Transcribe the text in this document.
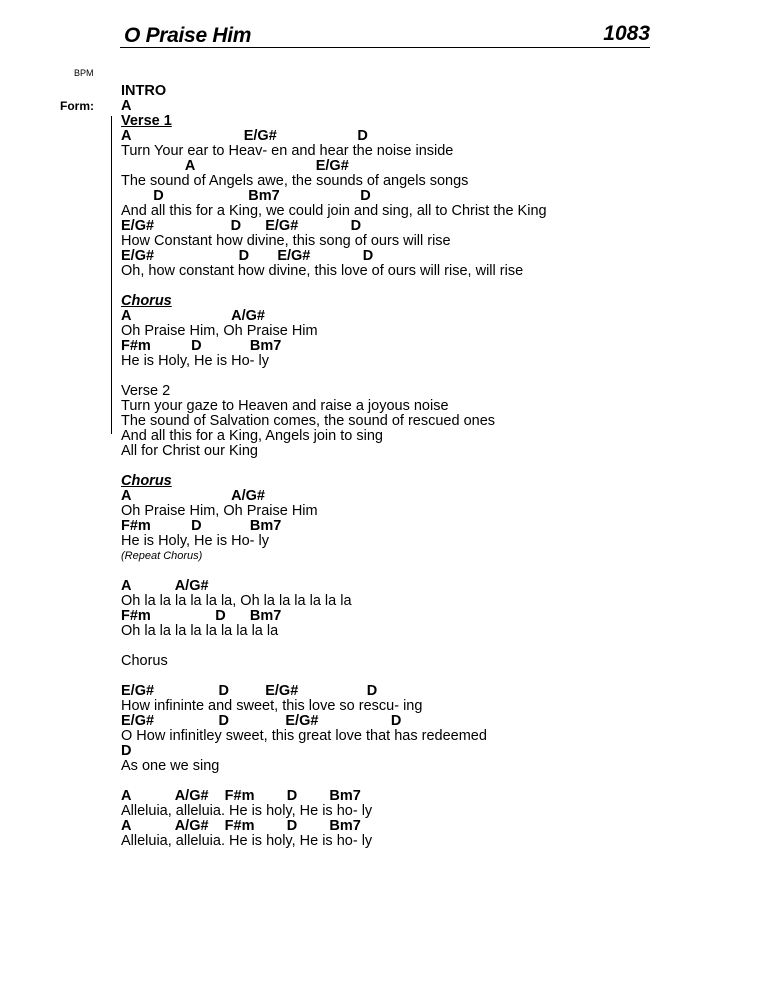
O Praise Him	1083
BPM
Form:
INTRO
A
Verse 1
A                            E/G#                    D
Turn Your ear to Heav- en and hear the noise inside
A                              E/G#
The sound of Angels awe, the sounds of angels songs
D                     Bm7                    D
And all this for a King, we could join and sing, all to Christ the King
E/G#                   D      E/G#             D
How Constant how divine, this song of ours will rise
E/G#                     D       E/G#             D
Oh, how constant how divine, this love of ours will rise, will rise
Chorus
A                         A/G#
Oh Praise Him, Oh Praise Him
F#m          D            Bm7
He is Holy, He is Ho- ly
Verse 2
Turn your gaze to Heaven and raise a joyous noise
The sound of Salvation comes, the sound of rescued ones
And all this for a King, Angels join to sing
All for Christ our King
Chorus
A                         A/G#
Oh Praise Him, Oh Praise Him
F#m          D            Bm7
He is Holy, He is Ho- ly
(Repeat Chorus)
A           A/G#
Oh la la la la la la, Oh la la la la la la
F#m                D      Bm7
Oh la la la la la la la la la
Chorus
E/G#                D         E/G#                 D
How infininte and sweet, this love so rescu- ing
E/G#                D              E/G#                  D
O How infinitley sweet, this great love that has redeemed
D
As one we sing
A           A/G#    F#m        D        Bm7
Alleluia, alleluia. He is holy, He is ho- ly
A           A/G#    F#m        D        Bm7
Alleluia, alleluia. He is holy, He is ho- ly
